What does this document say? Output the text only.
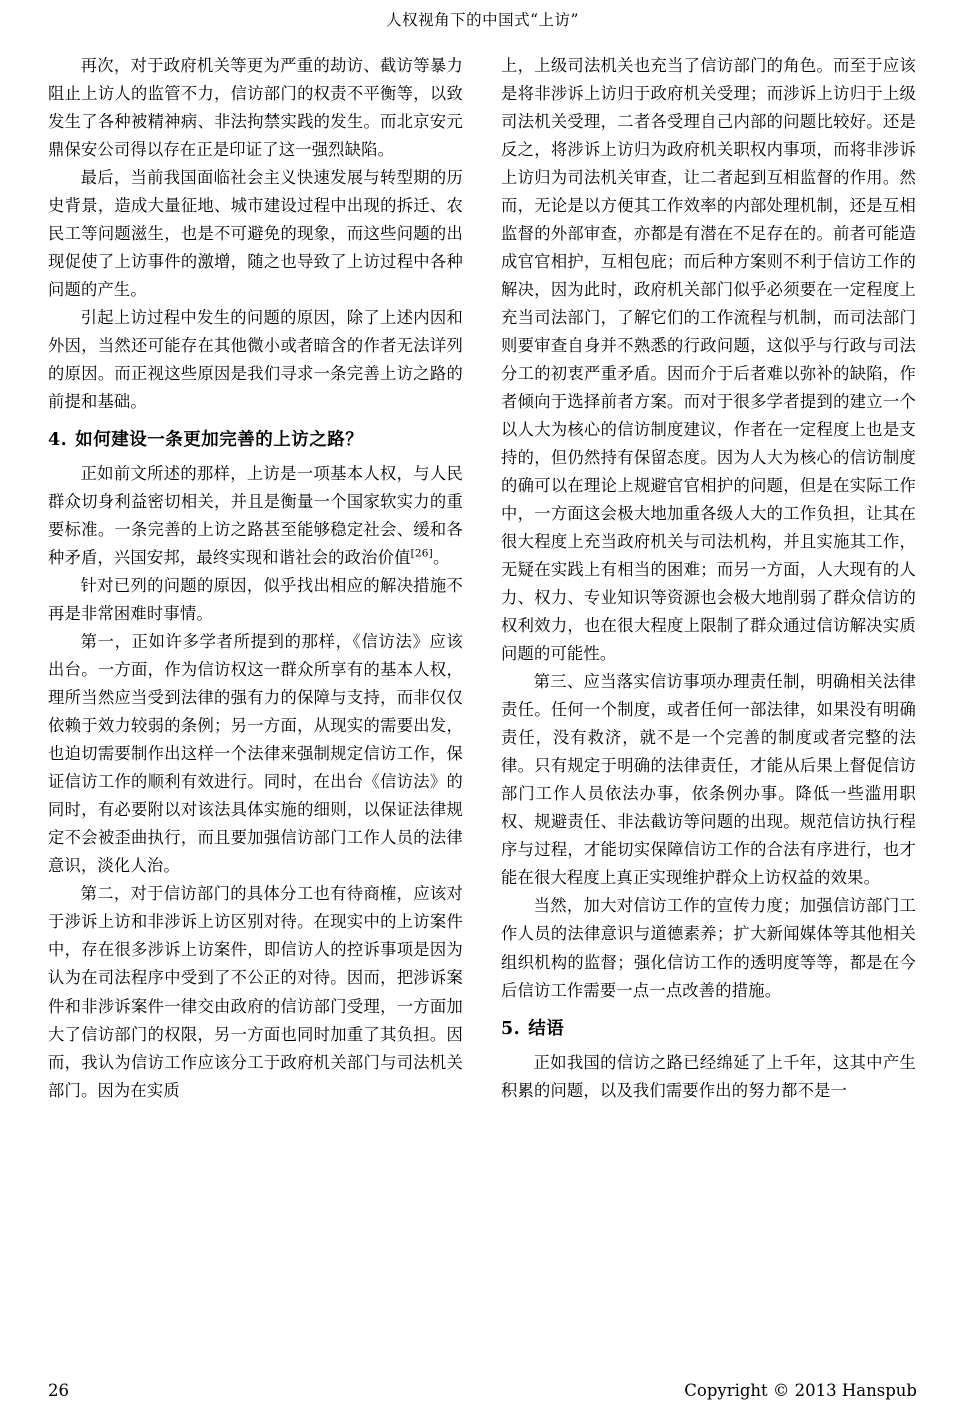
人权视角下的中国式“上访”

再次，对于政府机关等更为严重的劫访、截访等暴力阻止上访人的监管不力，信访部门的权责不平衡等，以致发生了各种被精神病、非法拘禁实践的发生。而北京安元鼎保安公司得以存在正是印证了这一强烈缺陷。

最后，当前我国面临社会主义快速发展与转型期的历史背景，造成大量征地、城市建设过程中出现的拆迁、农民工等问题滋生，也是不可避免的现象，而这些问题的出现促使了上访事件的激增，随之也导致了上访过程中各种问题的产生。

引起上访过程中发生的问题的原因，除了上述内因和外因，当然还可能存在其他微小或者暗含的作者无法详列的原因。而正视这些原因是我们寻求一条完善上访之路的前提和基础。

4. 如何建设一条更加完善的上访之路？

正如前文所述的那样，上访是一项基本人权，与人民群众切身利益密切相关，并且是衡量一个国家软实力的重要标准。一条完善的上访之路甚至能够稳定社会、缓和各种矛盾，兴国安邦，最终实现和谐社会的政治价值[26]。

针对已列的问题的原因，似乎找出相应的解决措施不再是非常困难时事情。

第一，正如许多学者所提到的那样，《信访法》应该出台。一方面，作为信访权这一群众所享有的基本人权，理所当然应当受到法律的强有力的保障与支持，而非仅仅依赖于效力较弱的条例；另一方面，从现实的需要出发，也迫切需要制作出这样一个法律来强制规定信访工作，保证信访工作的顺利有效进行。同时，在出台《信访法》的同时，有必要附以对该法具体实施的细则，以保证法律规定不会被歪曲执行，而且要加强信访部门工作人员的法律意识，淡化人治。

第二，对于信访部门的具体分工也有待商榷，应该对于涉诉上访和非涉诉上访区别对待。在现实中的上访案件中，存在很多涉诉上访案件，即信访人的控诉事项是因为认为在司法程序中受到了不公正的对待。因而，把涉诉案件和非涉诉案件一律交由政府的信访部门受理，一方面加大了信访部门的权限，另一方面也同时加重了其负担。因而，我认为信访工作应该分工于政府机关部门与司法机关部门。因为在实质

上，上级司法机关也充当了信访部门的角色。而至于应该是将非涉诉上访归于政府机关受理；而涉诉上访归于上级司法机关受理，二者各受理自己内部的问题比较好。还是反之，将涉诉上访归为政府机关职权内事项，而将非涉诉上访归为司法机关审查，让二者起到互相监督的作用。然而，无论是以方便其工作效率的内部处理机制，还是互相监督的外部审查，亦都是有潜在不足存在的。前者可能造成官官相护，互相包庇；而后种方案则不利于信访工作的解决，因为此时，政府机关部门似乎必须要在一定程度上充当司法部门，了解它们的工作流程与机制，而司法部门则要审查自身并不熟悉的行政问题，这似乎与行政与司法分工的初衷严重矛盾。因而介于后者难以弥补的缺陷，作者倾向于选择前者方案。而对于很多学者提到的建立一个以人大为核心的信访制度建议，作者在一定程度上也是支持的，但仍然持有保留态度。因为人大为核心的信访制度的确可以在理论上规避官官相护的问题，但是在实际工作中，一方面这会极大地加重各级人大的工作负担，让其在很大程度上充当政府机关与司法机构，并且实施其工作，无疑在实践上有相当的困难；而另一方面，人大现有的人力、权力、专业知识等资源也会极大地削弱了群众信访的权利效力，也在很大程度上限制了群众通过信访解决实质问题的可能性。

第三、应当落实信访事项办理责任制，明确相关法律责任。任何一个制度，或者任何一部法律，如果没有明确责任，没有救济，就不是一个完善的制度或者完整的法律。只有规定于明确的法律责任，才能从后果上督促信访部门工作人员依法办事，依条例办事。降低一些滥用职权、规避责任、非法截访等问题的出现。规范信访执行程序与过程，才能切实保障信访工作的合法有序进行，也才能在很大程度上真正实现维护群众上访权益的效果。

当然，加大对信访工作的宣传力度；加强信访部门工作人员的法律意识与道德素养；扩大新闻媒体等其他相关组织机构的监督；强化信访工作的透明度等等，都是在今后信访工作需要一点一点改善的措施。

5. 结语

正如我国的信访之路已经绵延了上千年，这其中产生积累的问题，以及我们需要作出的努力都不是一

26	Copyright © 2013 Hanspub
